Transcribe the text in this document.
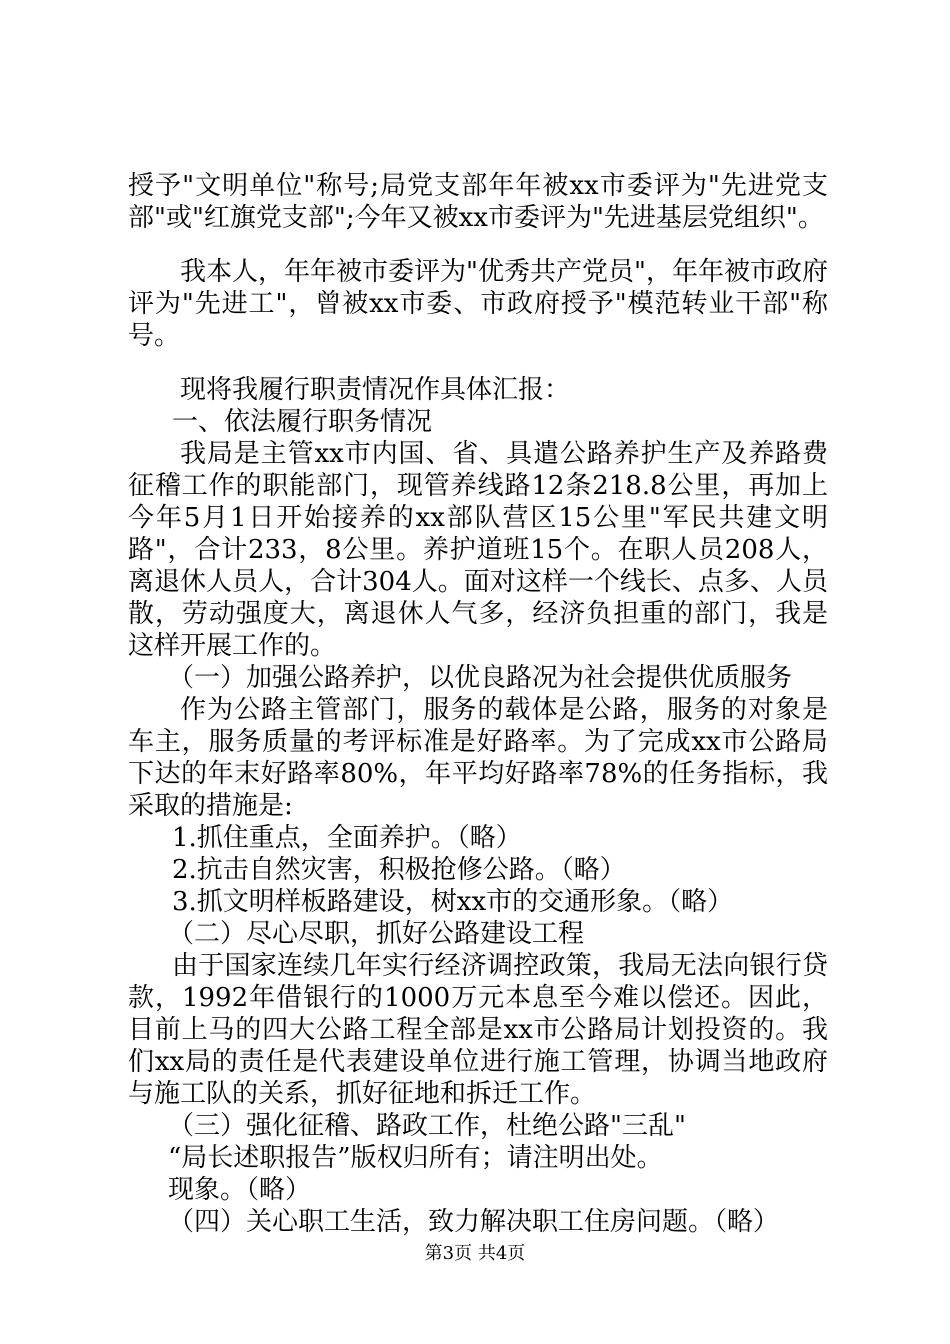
授予"文明单位"称号;局党支部年年被xx市委评为"先进党支部"或"红旗党支部";今年又被xx市委评为"先进基层党组织"。

我本人，年年被市委评为"优秀共产党员"，年年被市政府评为"先进工"，曾被xx市委、市政府授予"模范转业干部"称号。

现将我履行职责情况作具体汇报：

一、依法履行职务情况

我局是主管xx市内国、省、具遣公路养护生产及养路费征稽工作的职能部门，现管养线路12条218.8公里，再加上今年5月1日开始接养的xx部队营区15公里"军民共建文明路"，合计233，8公里。养护道班15个。在职人员208人，离退休人员人，合计304人。面对这样一个线长、点多、人员散，劳动强度大，离退休人气多，经济负担重的部门，我是这样开展工作的。

（一）加强公路养护，以优良路况为社会提供优质服务

作为公路主管部门，服务的载体是公路，服务的对象是车主，服务质量的考评标准是好路率。为了完成xx市公路局下达的年末好路率80%，年平均好路率78%的任务指标，我采取的措施是:

1.抓住重点，全面养护。（略）

2.抗击自然灾害，积极抢修公路。（略）

3.抓文明样板路建设，树xx市的交通形象。（略）

（二）尽心尽职，抓好公路建设工程

由于国家连续几年实行经济调控政策，我局无法向银行贷款，1992年借银行的1000万元本息至今难以偿还。因此，目前上马的四大公路工程全部是xx市公路局计划投资的。我们xx局的责任是代表建设单位进行施工管理，协调当地政府与施工队的关系，抓好征地和拆迁工作。

（三）强化征稽、路政工作，杜绝公路"三乱"

“局长述职报告”版权归所有；请注明出处。

现象。（略）

（四）关心职工生活，致力解决职工住房问题。（略）

第3页 共4页
